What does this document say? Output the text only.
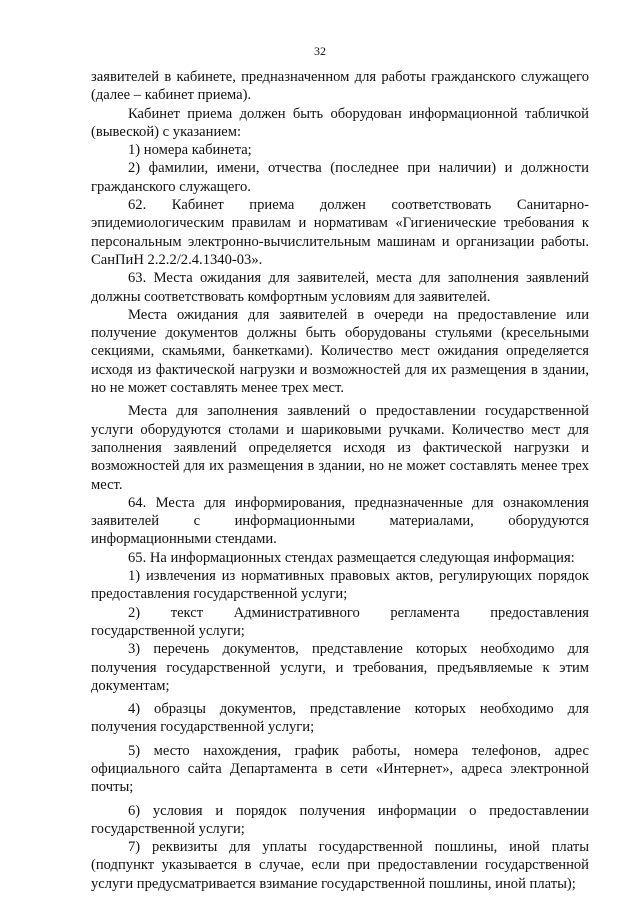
32

заявителей в кабинете, предназначенном для работы гражданского служащего (далее – кабинет приема).

Кабинет приема должен быть оборудован информационной табличкой (вывеской) с указанием:

1) номера кабинета;

2) фамилии, имени, отчества (последнее при наличии) и должности гражданского служащего.

62. Кабинет приема должен соответствовать Санитарно-эпидемиологическим правилам и нормативам «Гигиенические требования к персональным электронно-вычислительным машинам и организации работы. СанПиН 2.2.2/2.4.1340-03».

63. Места ожидания для заявителей, места для заполнения заявлений должны соответствовать комфортным условиям для заявителей.

Места ожидания для заявителей в очереди на предоставление или получение документов должны быть оборудованы стульями (кресельными секциями, скамьями, банкетками). Количество мест ожидания определяется исходя из фактической нагрузки и возможностей для их размещения в здании, но не может составлять менее трех мест.

Места для заполнения заявлений о предоставлении государственной услуги оборудуются столами и шариковыми ручками. Количество мест для заполнения заявлений определяется исходя из фактической нагрузки и возможностей для их размещения в здании, но не может составлять менее трех мест.

64. Места для информирования, предназначенные для ознакомления заявителей с информационными материалами, оборудуются информационными стендами.

65. На информационных стендах размещается следующая информация:

1) извлечения из нормативных правовых актов, регулирующих порядок предоставления государственной услуги;

2) текст Административного регламента предоставления государственной услуги;

3) перечень документов, представление которых необходимо для получения государственной услуги, и требования, предъявляемые к этим документам;

4) образцы документов, представление которых необходимо для получения государственной услуги;

5) место нахождения, график работы, номера телефонов, адрес официального сайта Департамента в сети «Интернет», адреса электронной почты;

6) условия и порядок получения информации о предоставлении государственной услуги;

7) реквизиты для уплаты государственной пошлины, иной платы (подпункт указывается в случае, если при предоставлении государственной услуги предусматривается взимание государственной пошлины, иной платы);
